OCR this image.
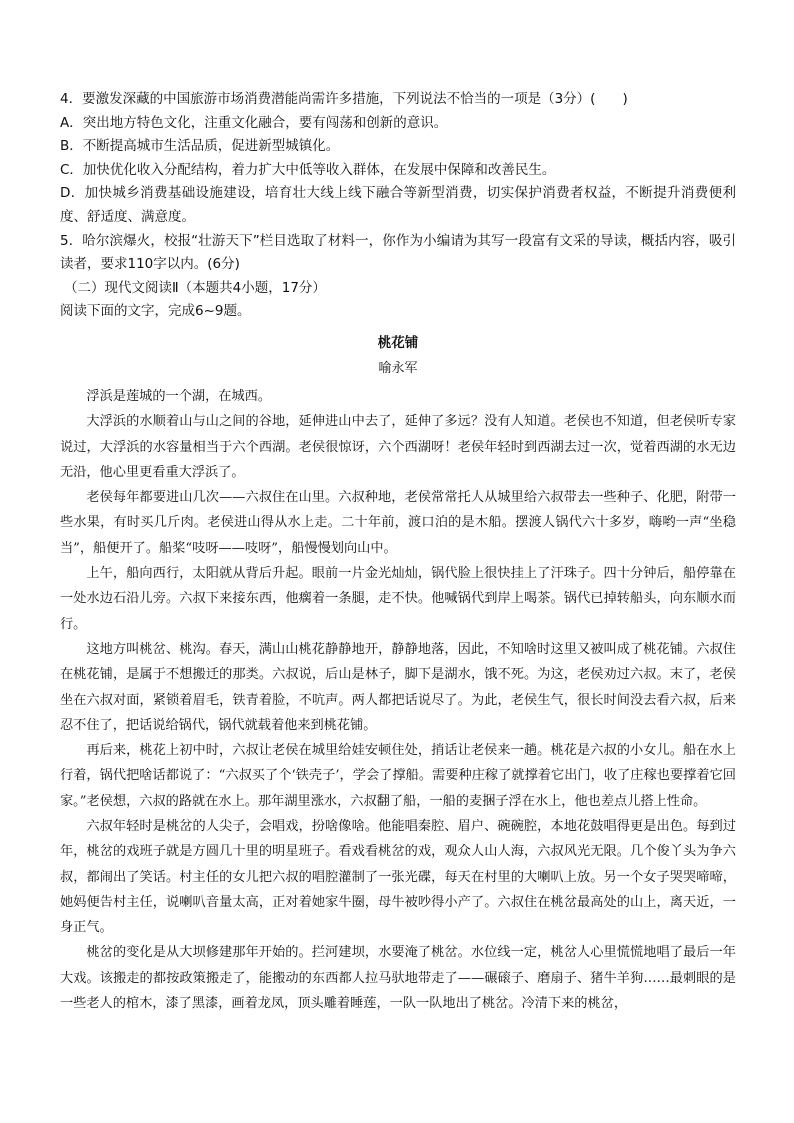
4．要激发深藏的中国旅游市场消费潜能尚需许多措施，下列说法不恰当的一项是（3分）(　　)

A．突出地方特色文化，注重文化融合，要有闯荡和创新的意识。

B．不断提高城市生活品质，促进新型城镇化。

C．加快优化收入分配结构，着力扩大中低等收入群体，在发展中保障和改善民生。

D．加快城乡消费基础设施建设，培育壮大线上线下融合等新型消费，切实保护消费者权益，不断提升消费便利度、舒适度、满意度。

5．哈尔滨爆火，校报“壮游天下”栏目选取了材料一，你作为小编请为其写一段富有文采的导读，概括内容，吸引读者，要求110字以内。(6分)

（二）现代文阅读Ⅱ（本题共4小题，17分）

阅读下面的文字，完成6~9题。

桃花铺
喻永军

浮浜是莲城的一个湖，在城西。

大浮浜的水顺着山与山之间的谷地，延伸进山中去了，延伸了多远？没有人知道。老侯也不知道，但老侯听专家说过，大浮浜的水容量相当于六个西湖。老侯很惊讶，六个西湖呀！老侯年轻时到西湖去过一次，觉着西湖的水无边无沿，他心里更看重大浮浜了。

老侯每年都要进山几次——六叔住在山里。六叔种地，老侯常常托人从城里给六叔带去一些种子、化肥，附带一些水果，有时买几斤肉。老侯进山得从水上走。二十年前，渡口泊的是木船。摆渡人锅代六十多岁，嗨哟一声“坐稳当”，船便开了。船桨“吱呀——吱呀”，船慢慢划向山中。

上午，船向西行，太阳就从背后升起。眼前一片金光灿灿，锅代脸上很快挂上了汗珠子。四十分钟后，船停靠在一处水边石沿儿旁。六叔下来接东西，他瘸着一条腿，走不快。他喊锅代到岸上喝茶。锅代已掉转船头，向东顺水而行。

这地方叫桃岔、桃沟。春天，满山山桃花静静地开，静静地落，因此，不知啥时这里又被叫成了桃花铺。六叔住在桃花铺，是属于不想搬迁的那类。六叔说，后山是林子，脚下是湖水，饿不死。为这，老侯劝过六叔。末了，老侯坐在六叔对面，紧锁着眉毛，铁青着脸，不吭声。两人都把话说尽了。为此，老侯生气，很长时间没去看六叔，后来忍不住了，把话说给锅代，锅代就载着他来到桃花铺。

再后来，桃花上初中时，六叔让老侯在城里给娃安顿住处，捎话让老侯来一趟。桃花是六叔的小女儿。船在水上行着，锅代把啥话都说了：“六叔买了个‘铁壳子’，学会了撑船。需要种庄稼了就撑着它出门，收了庄稼也要撑着它回家。”老侯想，六叔的路就在水上。那年湖里涨水，六叔翻了船，一船的麦捆子浮在水上，他也差点儿搭上性命。

六叔年轻时是桃岔的人尖子，会唱戏，扮啥像啥。他能唱秦腔、眉户、碗碗腔，本地花鼓唱得更是出色。每到过年，桃岔的戏班子就是方圆几十里的明星班子。看戏看桃岔的戏，观众人山人海，六叔风光无限。几个俊丫头为争六叔，都闹出了笑话。村主任的女儿把六叔的唱腔灌制了一张光碟，每天在村里的大喇叭上放。另一个女子哭哭啼啼，她妈便告村主任，说喇叭音量太高，正对着她家牛圈，母牛被吵得小产了。六叔住在桃岔最高处的山上，离天近，一身正气。

桃岔的变化是从大坝修建那年开始的。拦河建坝，水要淹了桃岔。水位线一定，桃岔人心里慌慌地唱了最后一年大戏。该搬走的都按政策搬走了，能搬动的东西都人拉马驮地带走了——碾磙子、磨扇子、猪牛羊狗……最刺眼的是一些老人的棺木，漆了黑漆，画着龙凤，顶头雕着睡莲，一队一队地出了桃岔。冷清下来的桃岔，
